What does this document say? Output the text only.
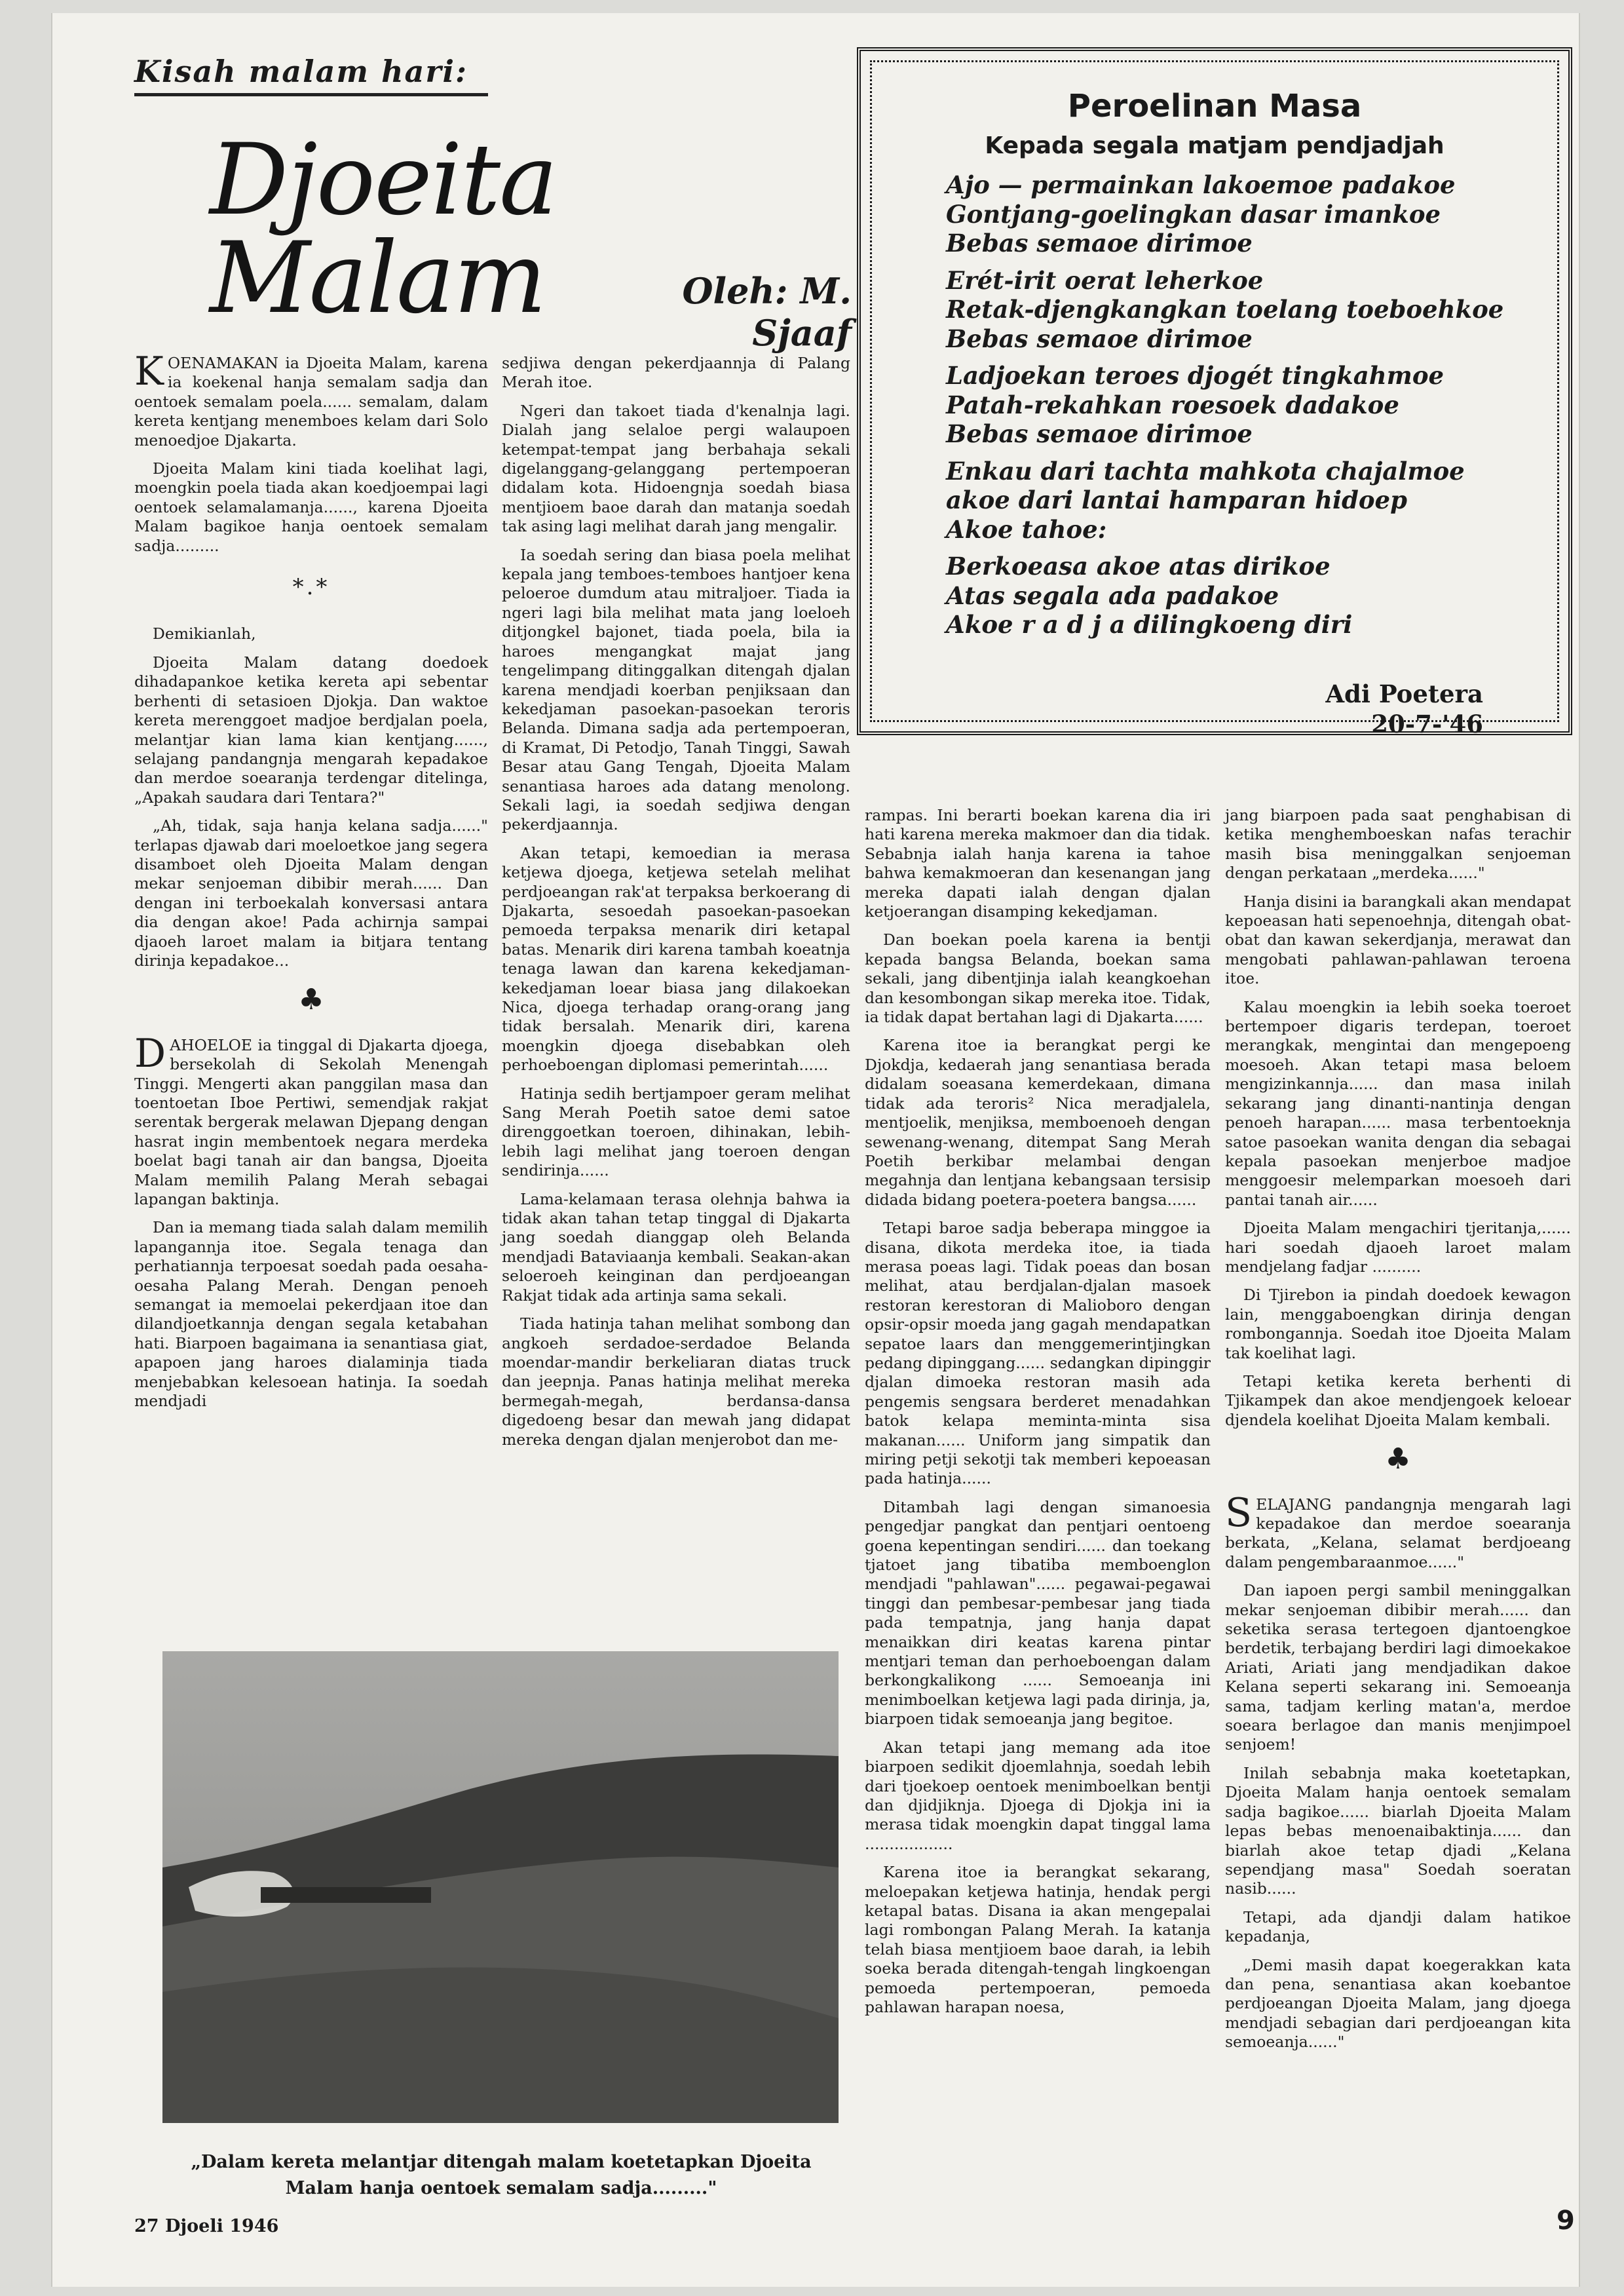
Kisah malam hari:
Djoeita Malam	Oleh: M. Sjaaf

KOENAMAKAN ia Djoeita Malam, karena ia koekenal hanja semalam sadja dan oentoek semalam poela...... semalam, dalam kereta kentjang menemboes kelam dari Solo menoedjoe Djakarta.

Djoeita Malam kini tiada koelihat lagi, moengkin poela tiada akan koedjoempai lagi oentoek selamalamanja......, karena Djoeita Malam bagikoe hanja oentoek semalam sadja.........

*.*

Demikianlah,

Djoeita Malam datang doedoek dihadapankoe ketika kereta api sebentar berhenti di setasioen Djokja. Dan waktoe kereta merenggoet madjoe berdjalan poela, melantjar kian lama kian kentjang......, selajang pandangnja mengarah kepadakoe dan merdoe soearanja terdengar ditelinga, „Apakah saudara dari Tentara?"

„Ah, tidak, saja hanja kelana sadja......" terlapas djawab dari moeloetkoe jang segera disamboet oleh Djoeita Malam dengan mekar senjoeman dibibir merah...... Dan dengan ini terboekalah konversasi antara dia dengan akoe! Pada achirnja sampai djaoeh laroet malam ia bitjara tentang dirinja kepadakoe...

♣

DAHOELOE ia tinggal di Djakarta djoega, bersekolah di Sekolah Menengah Tinggi. Mengerti akan panggilan masa dan toentoetan Iboe Pertiwi, semendjak rakjat serentak bergerak melawan Djepang dengan hasrat ingin membentoek negara merdeka boelat bagi tanah air dan bangsa, Djoeita Malam memilih Palang Merah sebagai lapangan baktinja.

Dan ia memang tiada salah dalam memilih lapangannja itoe. Segala tenaga dan perhatiannja terpoesat soedah pada oesaha-oesaha Palang Merah. Dengan penoeh semangat ia memoelai pekerdjaan itoe dan dilandjoetkannja dengan segala ketabahan hati. Biarpoen bagaimana ia senantiasa giat, apapoen jang haroes dialaminja tiada menjebabkan kelesoean hatinja. Ia soedah mendjadi

sedjiwa dengan pekerdjaannja di Palang Merah itoe.

Ngeri dan takoet tiada d'kenalnja lagi. Dialah jang selaloe pergi walaupoen ketempat-tempat jang berbahaja sekali digelanggang-gelanggang pertempoeran didalam kota. Hidoengnja soedah biasa mentjioem baoe darah dan matanja soedah tak asing lagi melihat darah jang mengalir.

Ia soedah sering dan biasa poela melihat kepala jang temboes-temboes hantjoer kena peloeroe dumdum atau mitraljoer. Tiada ia ngeri lagi bila melihat mata jang loeloeh ditjongkel bajonet, tiada poela, bila ia haroes mengangkat majat jang tengelimpang ditinggalkan ditengah djalan karena mendjadi koerban penjiksaan dan kekedjaman pasoekan-pasoekan teroris Belanda. Dimana sadja ada pertempoeran, di Kramat, Di Petodjo, Tanah Tinggi, Sawah Besar atau Gang Tengah, Djoeita Malam senantiasa haroes ada datang menolong. Sekali lagi, ia soedah sedjiwa dengan pekerdjaannja.

Akan tetapi, kemoedian ia merasa ketjewa djoega, ketjewa setelah melihat perdjoeangan rak'at terpaksa berkoerang di Djakarta, sesoedah pasoekan-pasoekan pemoeda terpaksa menarik diri ketapal batas. Menarik diri karena tambah koeatnja tenaga lawan dan karena kekedjaman-kekedjaman loear biasa jang dilakoekan Nica, djoega terhadap orang-orang jang tidak bersalah. Menarik diri, karena moengkin djoega disebabkan oleh perhoeboengan diplomasi pemerintah......

Hatinja sedih bertjampoer geram melihat Sang Merah Poetih satoe demi satoe direnggoetkan toeroen, dihinakan, lebih-lebih lagi melihat jang toeroen dengan sendirinja......

Lama-kelamaan terasa olehnja bahwa ia tidak akan tahan tetap tinggal di Djakarta jang soedah dianggap oleh Belanda mendjadi Bataviaanja kembali. Seakan-akan seloeroeh keinginan dan perdjoeangan Rakjat tidak ada artinja sama sekali.

Tiada hatinja tahan melihat sombong dan angkoeh serdadoe-serdadoe Belanda moendar-mandir berkeliaran diatas truck dan jeepnja. Panas hatinja melihat mereka bermegah-megah, berdansa-dansa digedoeng besar dan mewah jang didapat mereka dengan djalan menjerobot dan me-

Peroelinan Masa
Kepada segala matjam pendjadjah
Ajo — permainkan lakoemoe padakoe
Gontjang-goelingkan dasar imankoe
Bebas semaoe dirimoe
Erét-irit oerat leherkoe
Retak-djengkangkan toelang toeboehkoe
Bebas semaoe dirimoe
Ladjoekan teroes djogét tingkahmoe
Patah-rekahkan roesoek dadakoe
Bebas semaoe dirimoe
Enkau dari tachta mahkota chajalmoe
akoe dari lantai hamparan hidoep
Akoe tahoe:
Berkoeasa akoe atas dirikoe
Atas segala ada padakoe
Akoe r a d j a dilingkoeng diri
Adi Poetera
20-7-'46

rampas. Ini berarti boekan karena dia iri hati karena mereka makmoer dan dia tidak. Sebabnja ialah hanja karena ia tahoe bahwa kemakmoeran dan kesenangan jang mereka dapati ialah dengan djalan ketjoerangan disamping kekedjaman.

Dan boekan poela karena ia bentji kepada bangsa Belanda, boekan sama sekali, jang dibentjinja ialah keangkoehan dan kesombongan sikap mereka itoe. Tidak, ia tidak dapat bertahan lagi di Djakarta......

Karena itoe ia berangkat pergi ke Djokdja, kedaerah jang senantiasa berada didalam soeasana kemerdekaan, dimana tidak ada teroris² Nica meradjalela, mentjoelik, menjiksa, memboenoeh dengan sewenang-wenang, ditempat Sang Merah Poetih berkibar melambai dengan megahnja dan lentjana kebangsaan tersisip didada bidang poetera-poetera bangsa......

Tetapi baroe sadja beberapa minggoe ia disana, dikota merdeka itoe, ia tiada merasa poeas lagi. Tidak poeas dan bosan melihat, atau berdjalan-djalan masoek restoran kerestoran di Malioboro dengan opsir-opsir moeda jang gagah mendapatkan sepatoe laars dan menggemerintjingkan pedang dipinggang...... sedangkan dipinggir djalan dimoeka restoran masih ada pengemis sengsara berderet menadahkan batok kelapa meminta-minta sisa makanan...... Uniform jang simpatik dan miring petji sekotji tak memberi kepoeasan pada hatinja......

Ditambah lagi dengan simanoesia pengedjar pangkat dan pentjari oentoeng goena kepentingan sendiri...... dan toekang tjatoet jang tibatiba memboenglon mendjadi "pahlawan"...... pegawai-pegawai tinggi dan pembesar-pembesar jang tiada pada tempatnja, jang hanja dapat menaikkan diri keatas karena pintar mentjari teman dan perhoeboengan dalam berkongkalikong ...... Semoeanja ini menimboelkan ketjewa lagi pada dirinja, ja, biarpoen tidak semoeanja jang begitoe.

Akan tetapi jang memang ada itoe biarpoen sedikit djoemlahnja, soedah lebih dari tjoekoep oentoek menimboelkan bentji dan djidjiknja. Djoega di Djokja ini ia merasa tidak moengkin dapat tinggal lama ..................

Karena itoe ia berangkat sekarang, meloepakan ketjewa hatinja, hendak pergi ketapal batas. Disana ia akan mengepalai lagi rombongan Palang Merah. Ia katanja telah biasa mentjioem baoe darah, ia lebih soeka berada ditengah-tengah lingkoengan pemoeda pertempoeran, pemoeda pahlawan harapan noesa,

jang biarpoen pada saat penghabisan di ketika menghemboeskan nafas terachir masih bisa meninggalkan senjoeman dengan perkataan „merdeka......"

Hanja disini ia barangkali akan mendapat kepoeasan hati sepenoehnja, ditengah obat-obat dan kawan sekerdjanja, merawat dan mengobati pahlawan-pahlawan teroena itoe.

Kalau moengkin ia lebih soeka toeroet bertempoer digaris terdepan, toeroet merangkak, mengintai dan mengepoeng moesoeh. Akan tetapi masa beloem mengizinkannja...... dan masa inilah sekarang jang dinanti-nantinja dengan penoeh harapan...... masa terbentoeknja satoe pasoekan wanita dengan dia sebagai kepala pasoekan menjerboe madjoe menggoesir melemparkan moesoeh dari pantai tanah air......

Djoeita Malam mengachiri tjeritanja,...... hari soedah djaoeh laroet malam mendjelang fadjar ..........

Di Tjirebon ia pindah doedoek kewagon lain, menggaboengkan dirinja dengan rombongannja. Soedah itoe Djoeita Malam tak koelihat lagi.

Tetapi ketika kereta berhenti di Tjikampek dan akoe mendjengoek keloear djendela koelihat Djoeita Malam kembali.

♣

SELAJANG pandangnja mengarah lagi kepadakoe dan merdoe soearanja berkata, „Kelana, selamat berdjoeang dalam pengembaraanmoe......"

Dan iapoen pergi sambil meninggalkan mekar senjoeman dibibir merah...... dan seketika serasa tertegoen djantoengkoe berdetik, terbajang berdiri lagi dimoekakoe Ariati, Ariati jang mendjadikan dakoe Kelana seperti sekarang ini. Semoeanja sama, tadjam kerling matan'a, merdoe soeara berlagoe dan manis menjimpoel senjoem!

Inilah sebabnja maka koetetapkan, Djoeita Malam hanja oentoek semalam sadja bagikoe...... biarlah Djoeita Malam lepas bebas menoenaibaktinja...... dan biarlah akoe tetap djadi „Kelana sependjang masa" Soedah soeratan nasib......

Tetapi, ada djandji dalam hatikoe kepadanja,

„Demi masih dapat koegerakkan kata dan pena, senantiasa akan koebantoe perdjoeangan Djoeita Malam, jang djoega mendjadi sebagian dari perdjoeangan kita semoeanja......"

„Dalam kereta melantjar ditengah malam koetetapkan Djoeita Malam hanja oentoek semalam sadja........."
27 Djoeli 1946	9
